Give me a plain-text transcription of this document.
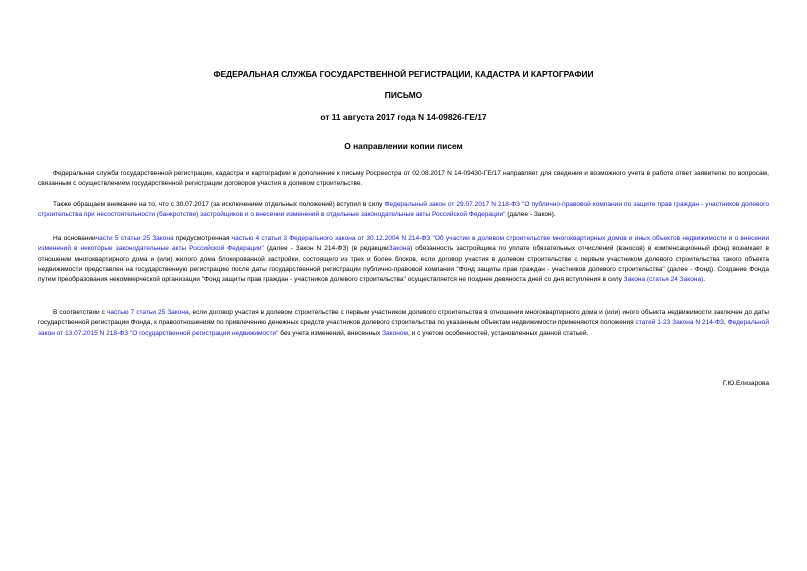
ФЕДЕРАЛЬНАЯ СЛУЖБА ГОСУДАРСТВЕННОЙ РЕГИСТРАЦИИ, КАДАСТРА И КАРТОГРАФИИ
ПИСЬМО
от 11 августа 2017 года N 14-09826-ГЕ/17
О направлении копии писем

Федеральная служба государственной регистрации, кадастра и картографии в дополнение к письму Росреестра от 02.08.2017 N 14-09430-ГЕ/17 направляет для сведения и возможного учета в работе ответ заявителю по вопросам, связанным с осуществлением государственной регистрации договоров участия в долевом строительстве.

Также обращаем внимание на то, что с 30.07.2017 (за исключением отдельных положений) вступил в силу Федеральный закон от 29.07.2017 N 218-ФЗ "О публично-правовой компании по защите прав граждан - участников долевого строительства при несостоятельности (банкротстве) застройщиков и о внесении изменений в отдельные законодательные акты Российской Федерации" (далее - Закон).

На основаниичасти 5 статьи 25 Закона предусмотренная частью 4 статьи 3 Федерального закона от 30.12.2004 N 214-ФЗ "Об участии в долевом строительстве многоквартирных домов и иных объектов недвижимости и о внесении изменений в некоторые законодательные акты Российской Федерации" (далее - Закон N 214-ФЗ) (в редакцииЗакона) обязанность застройщика по уплате обязательных отчислений (взносов) в компенсационный фонд возникает в отношении многоквартирного дома и (или) жилого дома блокированной застройки, состоящего из трех и более блоков, если договор участия в долевом строительстве с первым участником долевого строительства такого объекта недвижимости представлен на государственную регистрацию после даты государственной регистрации публично-правовой компании "Фонд защиты прав граждан - участников долевого строительства" (далее - Фонд). Создание Фонда путем преобразования некоммерческой организации "Фонд защиты прав граждан - участников долевого строительства" осуществляется не позднее девяноста дней со дня вступления в силу Закона (статья 24 Закона).

В соответствии с частью 7 статьи 25 Закона, если договор участия в долевом строительстве с первым участником долевого строительства в отношении многоквартирного дома и (или) иного объекта недвижимости заключен до даты государственной регистрации Фонда, к правоотношениям по привлечению денежных средств участников долевого строительства по указанным объектам недвижимости применяются положения статей 1-23 Закона N 214-ФЗ, Федеральной закон от 13.07.2015 N 218-ФЗ "О государственной регистрации недвижимости" без учета изменений, внесенных Законом, и с учетом особенностей, установленных данной статьей.

Г.Ю.Елизарова
